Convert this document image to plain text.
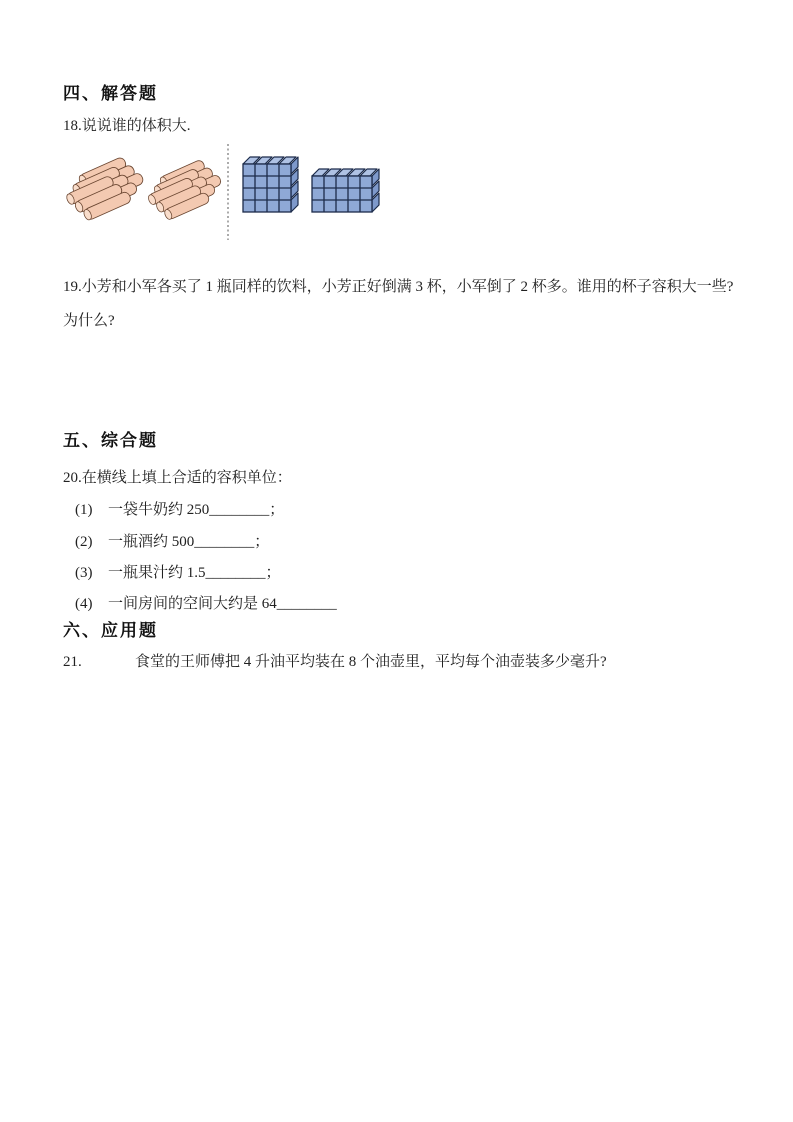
四、解答题
18.说说谁的体积大.
19.小芳和小军各买了 1 瓶同样的饮料，小芳正好倒满 3 杯，小军倒了 2 杯多。谁用的杯子容积大一些?
为什么?
五、综合题
20.在横线上填上合适的容积单位：
(1) 一袋牛奶约 250________；
(2) 一瓶酒约 500________；
(3) 一瓶果汁约 1.5________；
(4) 一间房间的空间大约是 64________
六、应用题
21.	食堂的王师傅把 4 升油平均装在 8 个油壶里，平均每个油壶装多少毫升?
